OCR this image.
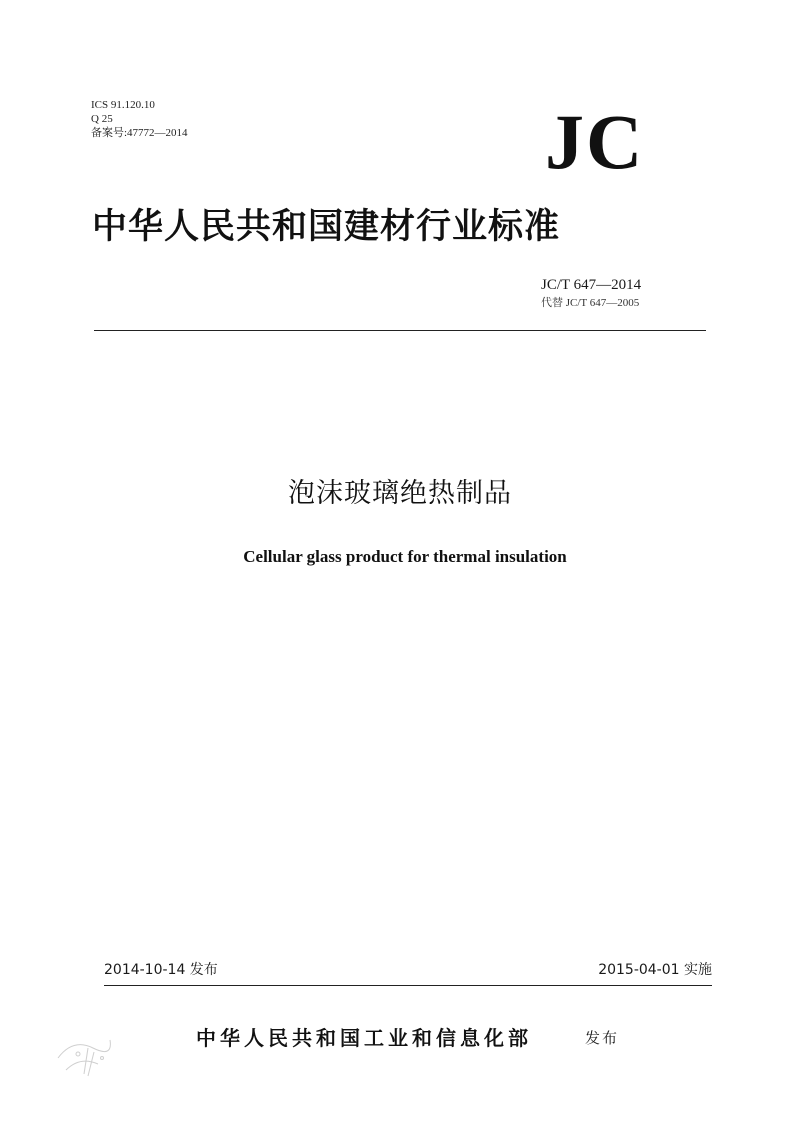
ICS 91.120.10
Q 25
备案号:47772—2014	JC
中华人民共和国建材行业标准
JC/T 647—2014
代替 JC/T 647—2005
泡沫玻璃绝热制品
Cellular glass product for thermal insulation
2014-10-14 发布	2015-04-01 实施
中华人民共和国工业和信息化部	发布
